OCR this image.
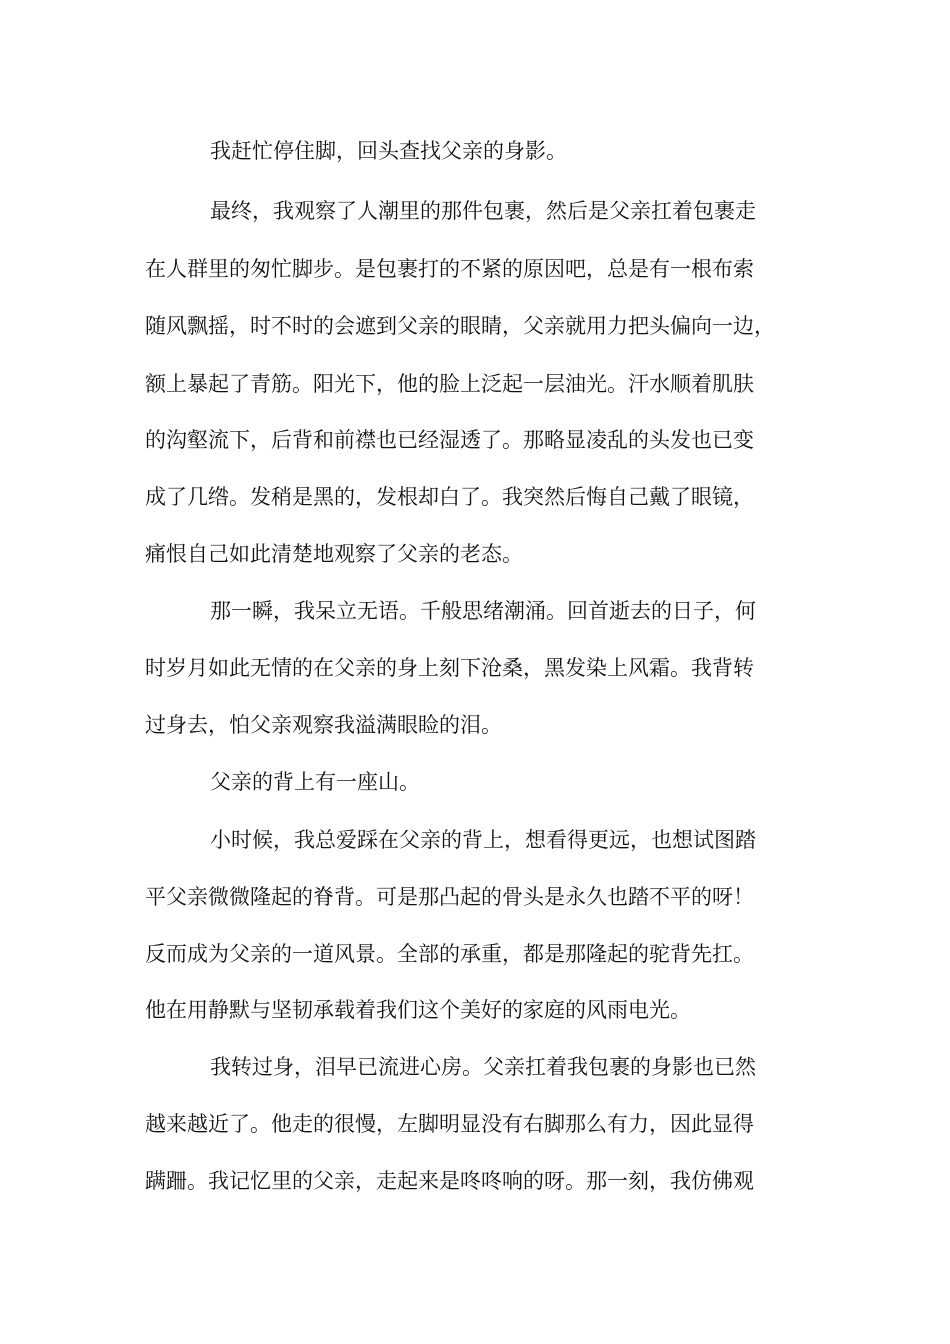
我赶忙停住脚，回头查找父亲的身影。
最终，我观察了人潮里的那件包裹，然后是父亲扛着包裹走
在人群里的匆忙脚步。是包裹打的不紧的原因吧，总是有一根布索
随风飘摇，时不时的会遮到父亲的眼睛，父亲就用力把头偏向一边，
额上暴起了青筋。阳光下，他的脸上泛起一层油光。汗水顺着肌肤
的沟壑流下，后背和前襟也已经湿透了。那略显凌乱的头发也已变
成了几绺。发稍是黑的，发根却白了。我突然后悔自己戴了眼镜，
痛恨自己如此清楚地观察了父亲的老态。
那一瞬，我呆立无语。千般思绪潮涌。回首逝去的日子，何
时岁月如此无情的在父亲的身上刻下沧桑，黑发染上风霜。我背转
过身去，怕父亲观察我溢满眼睑的泪。
父亲的背上有一座山。
小时候，我总爱踩在父亲的背上，想看得更远，也想试图踏
平父亲微微隆起的脊背。可是那凸起的骨头是永久也踏不平的呀！
反而成为父亲的一道风景。全部的承重，都是那隆起的驼背先扛。
他在用静默与坚韧承载着我们这个美好的家庭的风雨电光。
我转过身，泪早已流进心房。父亲扛着我包裹的身影也已然
越来越近了。他走的很慢，左脚明显没有右脚那么有力，因此显得
蹒跚。我记忆里的父亲，走起来是咚咚响的呀。那一刻，我仿佛观
